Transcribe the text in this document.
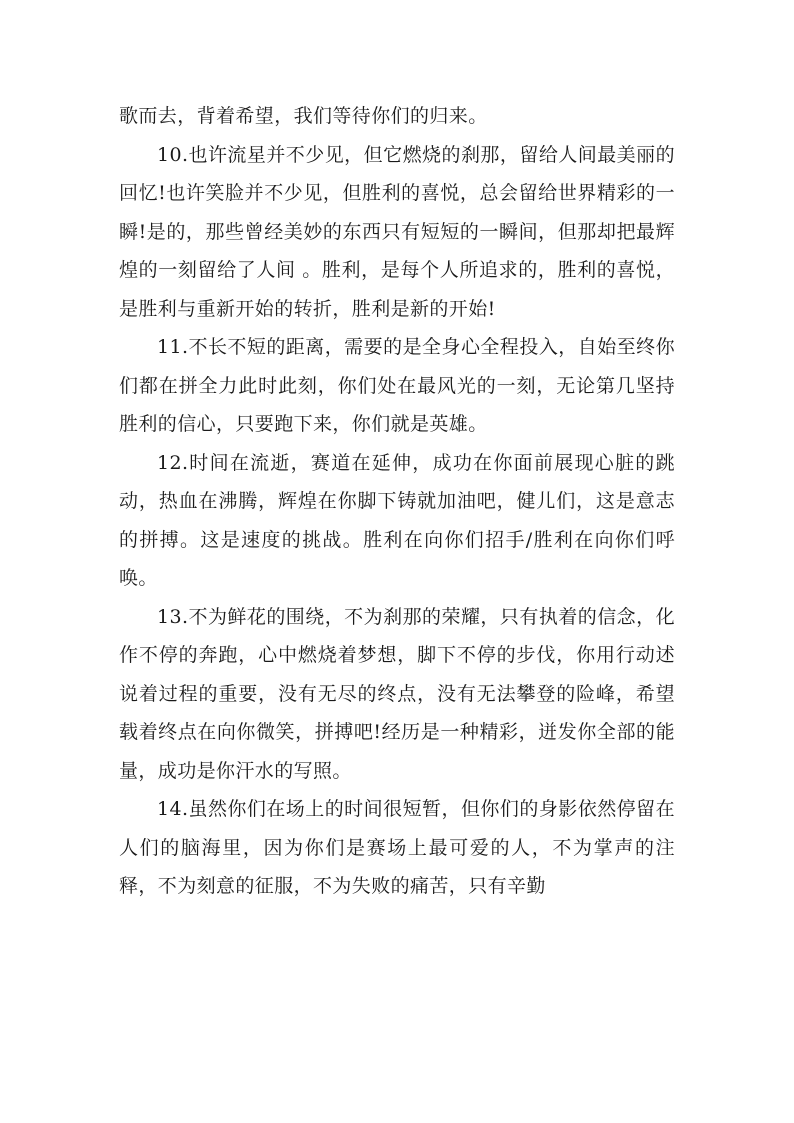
歌而去，背着希望，我们等待你们的归来。

10.也许流星并不少见，但它燃烧的刹那，留给人间最美丽的回忆!也许笑脸并不少见，但胜利的喜悦，总会留给世界精彩的一瞬!是的，那些曾经美妙的东西只有短短的一瞬间，但那却把最辉煌的一刻留给了人间 。胜利，是每个人所追求的，胜利的喜悦，是胜利与重新开始的转折，胜利是新的开始!

11.不长不短的距离，需要的是全身心全程投入，自始至终你们都在拼全力此时此刻，你们处在最风光的一刻，无论第几坚持胜利的信心，只要跑下来，你们就是英雄。

12.时间在流逝，赛道在延伸，成功在你面前展现心脏的跳动，热血在沸腾，辉煌在你脚下铸就加油吧，健儿们，这是意志的拼搏。这是速度的挑战。胜利在向你们招手/胜利在向你们呼唤。

13.不为鲜花的围绕，不为刹那的荣耀，只有执着的信念，化作不停的奔跑，心中燃烧着梦想，脚下不停的步伐，你用行动述说着过程的重要，没有无尽的终点，没有无法攀登的险峰，希望载着终点在向你微笑，拼搏吧!经历是一种精彩，迸发你全部的能量，成功是你汗水的写照。

14.虽然你们在场上的时间很短暂，但你们的身影依然停留在人们的脑海里，因为你们是赛场上最可爱的人，不为掌声的注释，不为刻意的征服，不为失败的痛苦，只有辛勤
